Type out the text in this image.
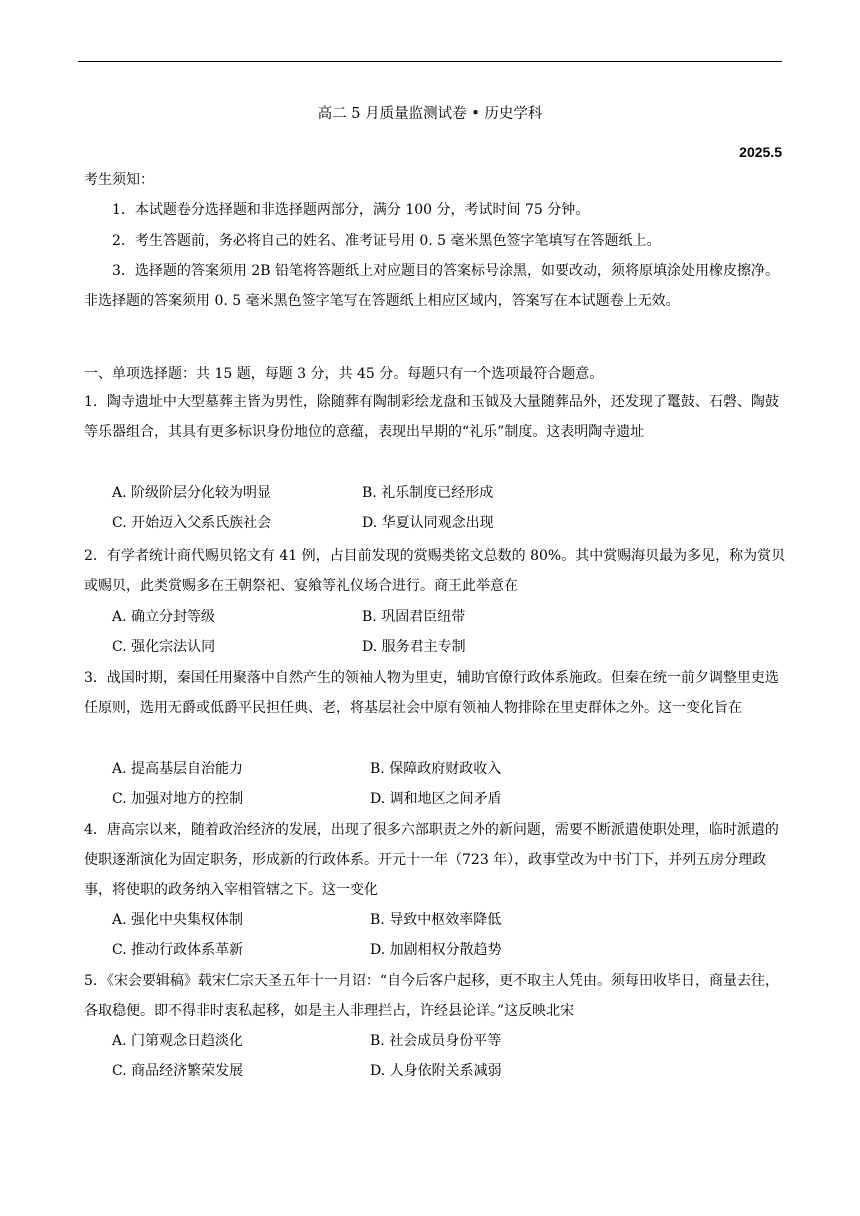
高二 5 月质量监测试卷 • 历史学科
2025.5
考生须知：

1．本试题卷分选择题和非选择题两部分，满分 100 分，考试时间 75 分钟。

2．考生答题前，务必将自己的姓名、准考证号用 0. 5 毫米黑色签字笔填写在答题纸上。

3．选择题的答案须用 2B 铅笔将答题纸上对应题目的答案标号涂黑，如要改动，须将原填涂处用橡皮擦净。非选择题的答案须用 0. 5 毫米黑色签字笔写在答题纸上相应区域内，答案写在本试题卷上无效。

一、单项选择题：共 15 题，每题 3 分，共 45 分。每题只有一个选项最符合题意。

1．陶寺遗址中大型墓葬主皆为男性，除随葬有陶制彩绘龙盘和玉钺及大量随葬品外，还发现了鼍鼓、石磬、陶鼓等乐器组合，其具有更多标识身份地位的意蕴，表现出早期的“礼乐”制度。这表明陶寺遗址

A. 阶级阶层分化较为明显	B. 礼乐制度已经形成
C. 开始迈入父系氏族社会	D. 华夏认同观念出现

2．有学者统计商代赐贝铭文有 41 例，占目前发现的赏赐类铭文总数的 80%。其中赏赐海贝最为多见，称为赏贝或赐贝，此类赏赐多在王朝祭祀、宴飨等礼仪场合进行。商王此举意在

A. 确立分封等级	B. 巩固君臣纽带
C. 强化宗法认同	D. 服务君主专制

3．战国时期，秦国任用聚落中自然产生的领袖人物为里吏，辅助官僚行政体系施政。但秦在统一前夕调整里吏选任原则，选用无爵或低爵平民担任典、老，将基层社会中原有领袖人物排除在里吏群体之外。这一变化旨在

A. 提高基层自治能力	B. 保障政府财政收入
C. 加强对地方的控制	D. 调和地区之间矛盾

4．唐高宗以来，随着政治经济的发展，出现了很多六部职责之外的新问题，需要不断派遣使职处理，临时派遣的使职逐渐演化为固定职务，形成新的行政体系。开元十一年（723 年），政事堂改为中书门下，并列五房分理政事，将使职的政务纳入宰相管辖之下。这一变化

A. 强化中央集权体制	B. 导致中枢效率降低
C. 推动行政体系革新	D. 加剧相权分散趋势

5．《宋会要辑稿》载宋仁宗天圣五年十一月诏：“自今后客户起移，更不取主人凭由。须每田收毕日，商量去往，各取稳便。即不得非时衷私起移，如是主人非理拦占，许经县论详。”这反映北宋

A. 门第观念日趋淡化	B. 社会成员身份平等
C. 商品经济繁荣发展	D. 人身依附关系减弱
